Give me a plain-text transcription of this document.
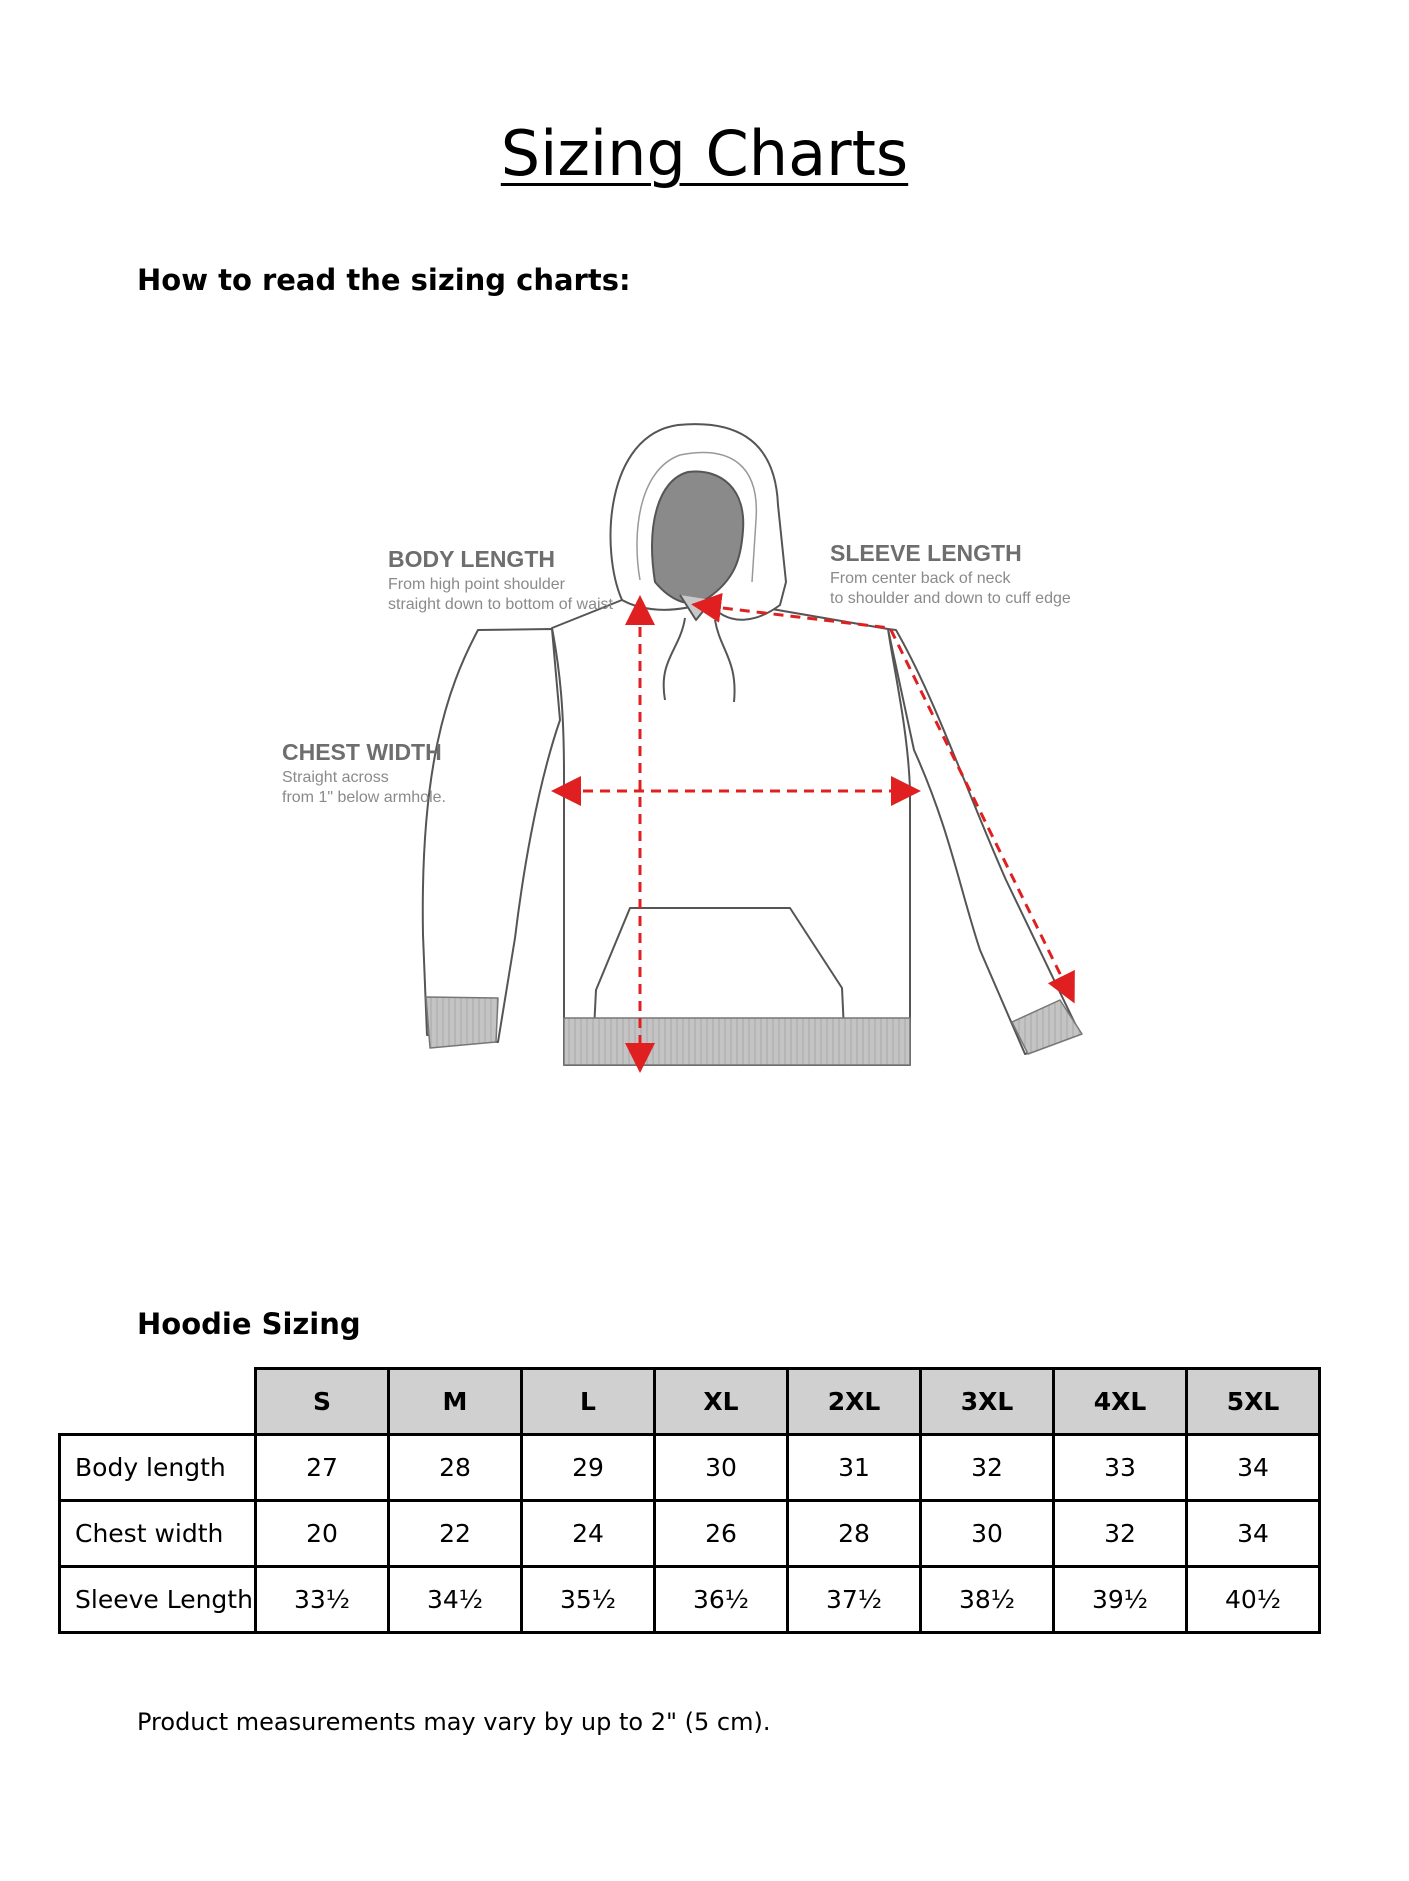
Sizing Charts
How to read the sizing charts:
BODY LENGTH
From high point shoulder
straight down to bottom of waist
SLEEVE LENGTH
From center back of neck
to shoulder and down to cuff edge
CHEST WIDTH
Straight across
from 1" below armhole.
Hoodie Sizing
	S	M	L	XL	2XL	3XL	4XL	5XL
Body length	27	28	29	30	31	32	33	34
Chest width	20	22	24	26	28	30	32	34
Sleeve Length	33½	34½	35½	36½	37½	38½	39½	40½

Product measurements may vary by up to 2" (5 cm).
